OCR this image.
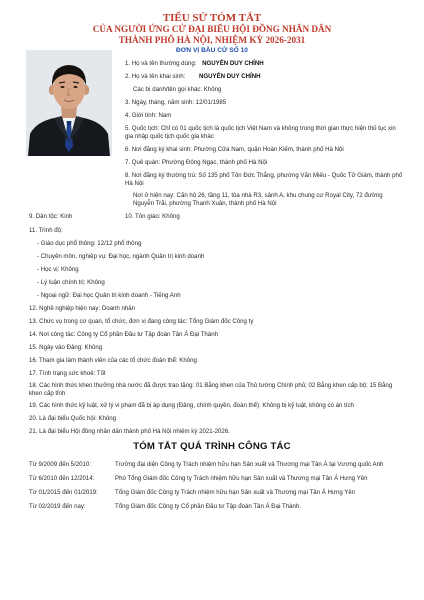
TIỂU SỬ TÓM TẮT
CỦA NGƯỜI ỨNG CỬ ĐẠI BIỂU HỘI ĐỒNG NHÂN DÂN
THÀNH PHỐ HÀ NỘI, NHIỆM KỲ 2026-2031
ĐƠN VỊ BẦU CỬ SỐ 10
1. Họ và tên thường dùng: NGUYỄN DUY CHÍNH
2. Họ và tên khai sinh: NGUYỄN DUY CHÍNH
Các bí danh/tên gọi khác: Không
3. Ngày, tháng, năm sinh: 12/01/1985
4. Giới tính: Nam
5. Quốc tịch: Chỉ có 01 quốc tịch là quốc tịch Việt Nam và không trong thời gian thực hiện thủ tục xin gia nhập quốc tịch quốc gia khác
6. Nơi đăng ký khai sinh: Phường Cửa Nam, quận Hoàn Kiếm, thành phố Hà Nội
7. Quê quán: Phường Đông Ngạc, thành phố Hà Nội
8. Nơi đăng ký thường trú: Số 135 phố Tôn Đức Thắng, phường Văn Miếu - Quốc Tử Giám, thành phố Hà Nội
Nơi ở hiện nay: Căn hộ 26, tầng 11, tòa nhà R3, sảnh A, khu chung cư Royal City, 72 đường Nguyễn Trãi, phường Thanh Xuân, thành phố Hà Nội
9. Dân tộc: Kinh	10. Tôn giáo: Không
11. Trình độ:
- Giáo dục phổ thông: 12/12 phổ thông
- Chuyên môn, nghiệp vụ: Đại học, ngành Quản trị kinh doanh
- Học vị: Không
- Lý luận chính trị: Không
- Ngoại ngữ: Đại học Quản trị kinh doanh - Tiếng Anh
12. Nghề nghiệp hiện nay: Doanh nhân
13. Chức vụ trong cơ quan, tổ chức, đơn vị đang công tác: Tổng Giám đốc Công ty
14. Nơi công tác: Công ty Cổ phần Đầu tư Tập đoàn Tân Á Đại Thành
15. Ngày vào Đảng: Không
16. Tham gia làm thành viên của các tổ chức đoàn thể: Không
17. Tình trạng sức khoẻ: Tốt
18. Các hình thức khen thưởng nhà nước đã được trao tặng: 01 Bằng khen của Thủ tướng Chính phủ; 02 Bằng khen cấp bộ; 15 Bằng khen cấp tỉnh
19. Các hình thức kỷ luật, xử lý vi phạm đã bị áp dụng (Đảng, chính quyền, đoàn thể): Không bị kỷ luật, không có án tích
20. Là đại biểu Quốc hội: Không
21. Là đại biểu Hội đồng nhân dân thành phố Hà Nội nhiệm kỳ 2021-2026.
TÓM TẮT QUÁ TRÌNH CÔNG TÁC
Từ 9/2009 đến 5/2010:	Trưởng đại diện Công ty Trách nhiệm hữu hạn Sản xuất và Thương mại Tân Á tại Vương quốc Anh
Từ 6/2010 đến 12/2014:	Phó Tổng Giám đốc Công ty Trách nhiệm hữu hạn Sản xuất và Thương mại Tân Á Hưng Yên
Từ 01/2015 đến 01/2019:	Tổng Giám đốc Công ty Trách nhiệm hữu hạn Sản xuất và Thương mại Tân Á Hưng Yên
Từ 02/2019 đến nay:	Tổng Giám đốc Công ty Cổ phần Đầu tư Tập đoàn Tân Á Đại Thành.
